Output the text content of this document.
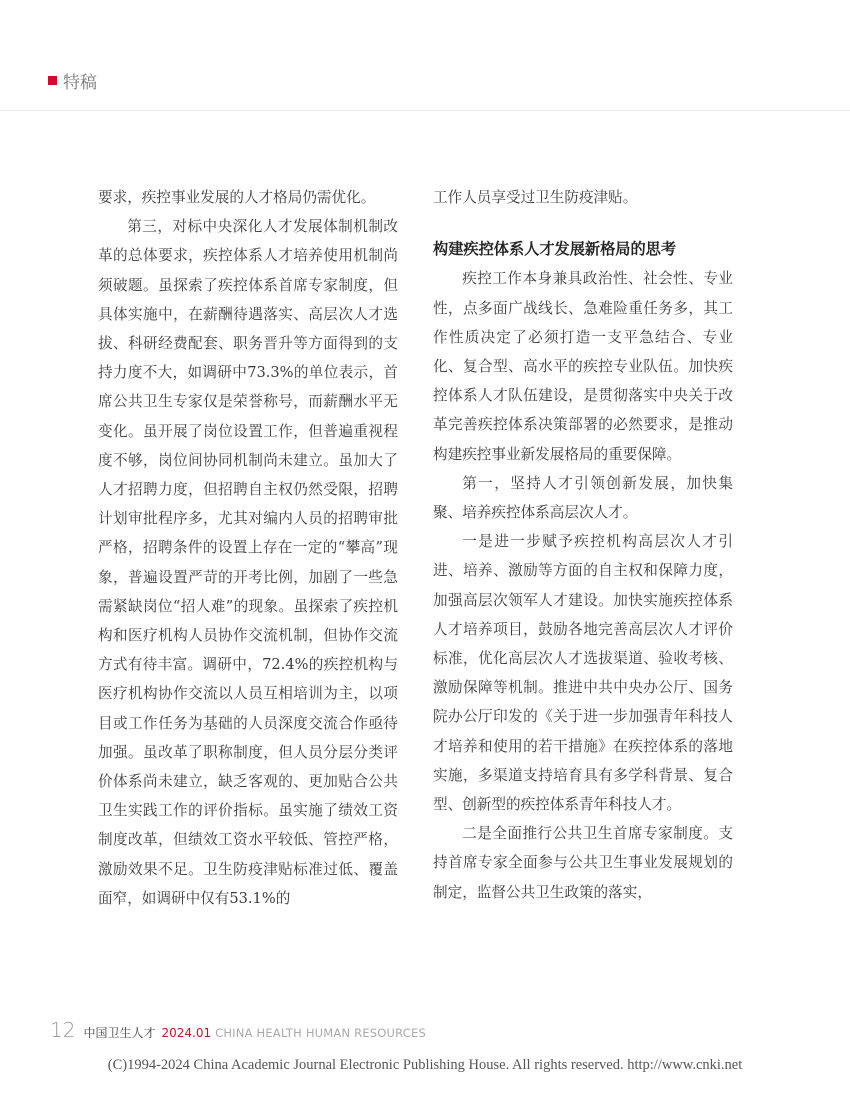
特稿

要求，疾控事业发展的人才格局仍需优化。

第三，对标中央深化人才发展体制机制改革的总体要求，疾控体系人才培养使用机制尚须破题。虽探索了疾控体系首席专家制度，但具体实施中，在薪酬待遇落实、高层次人才选拔、科研经费配套、职务晋升等方面得到的支持力度不大，如调研中73.3%的单位表示，首席公共卫生专家仅是荣誉称号，而薪酬水平无变化。虽开展了岗位设置工作，但普遍重视程度不够，岗位间协同机制尚未建立。虽加大了人才招聘力度，但招聘自主权仍然受限，招聘计划审批程序多，尤其对编内人员的招聘审批严格，招聘条件的设置上存在一定的“攀高”现象，普遍设置严苛的开考比例，加剧了一些急需紧缺岗位“招人难”的现象。虽探索了疾控机构和医疗机构人员协作交流机制，但协作交流方式有待丰富。调研中，72.4%的疾控机构与医疗机构协作交流以人员互相培训为主，以项目或工作任务为基础的人员深度交流合作亟待加强。虽改革了职称制度，但人员分层分类评价体系尚未建立，缺乏客观的、更加贴合公共卫生实践工作的评价指标。虽实施了绩效工资制度改革，但绩效工资水平较低、管控严格，激励效果不足。卫生防疫津贴标准过低、覆盖面窄，如调研中仅有53.1%的

工作人员享受过卫生防疫津贴。

构建疾控体系人才发展新格局的思考

疾控工作本身兼具政治性、社会性、专业性，点多面广战线长、急难险重任务多，其工作性质决定了必须打造一支平急结合、专业化、复合型、高水平的疾控专业队伍。加快疾控体系人才队伍建设，是贯彻落实中央关于改革完善疾控体系决策部署的必然要求，是推动构建疾控事业新发展格局的重要保障。

第一，坚持人才引领创新发展，加快集聚、培养疾控体系高层次人才。

一是进一步赋予疾控机构高层次人才引进、培养、激励等方面的自主权和保障力度，加强高层次领军人才建设。加快实施疾控体系人才培养项目，鼓励各地完善高层次人才评价标准，优化高层次人才选拔渠道、验收考核、激励保障等机制。推进中共中央办公厅、国务院办公厅印发的《关于进一步加强青年科技人才培养和使用的若干措施》在疾控体系的落地实施，多渠道支持培育具有多学科背景、复合型、创新型的疾控体系青年科技人才。

二是全面推行公共卫生首席专家制度。支持首席专家全面参与公共卫生事业发展规划的制定，监督公共卫生政策的落实，

12 中国卫生人才 2024.01 CHINA HEALTH HUMAN RESOURCES
(C)1994-2024 China Academic Journal Electronic Publishing House. All rights reserved. http://www.cnki.net
